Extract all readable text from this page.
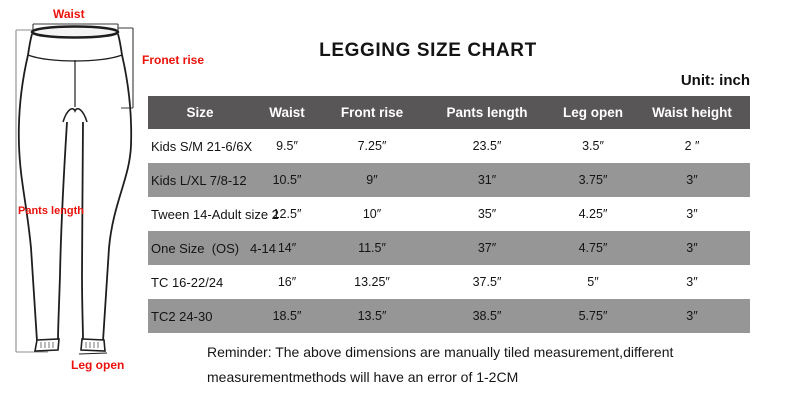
Waist
Fronet rise
Pants length
Leg open
LEGGING SIZE CHART
Unit: inch
Size	Waist	Front rise	Pants length	Leg open	Waist height
Kids S/M 21-6/6X	9.5″	7.25″	23.5″	3.5″	2 ″
Kids L/XL 7/8-12	10.5″	9″	31″	3.75″	3″
Tween 14-Adult size 2	12.5″	10″	35″	4.25″	3″
One Size  (OS)   4-14	14″	11.5″	37″	4.75″	3″
TC 16-22/24	16″	13.25″	37.5″	5″	3″
TC2 24-30	18.5″	13.5″	38.5″	5.75″	3″
Reminder: The above dimensions are manually tiled measurement,different
measurementmethods will have an error of 1-2CM
